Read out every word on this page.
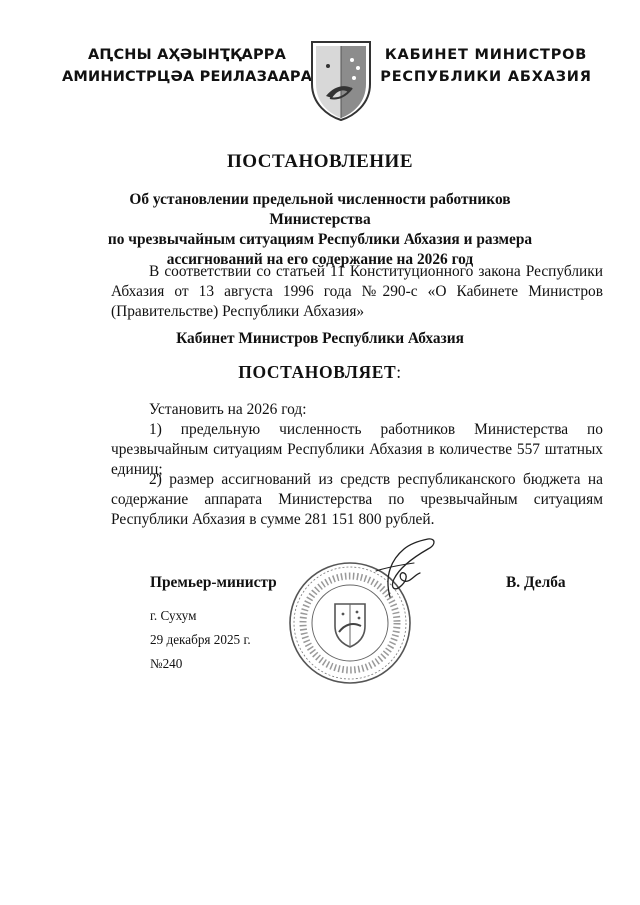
АԤСНЫ АҲӘЫНҬҚАРРА
АМИНИСТРЦӘА РЕИЛАЗААРА
КАБИНЕТ МИНИСТРОВ
РЕСПУБЛИКИ АБХАЗИЯ
ПОСТАНОВЛЕНИЕ
Об установлении предельной численности работников Министерства
по чрезвычайным ситуациям Республики Абхазия и размера
ассигнований на его содержание на 2026 год
В соответствии со статьей 11 Конституционного закона Республики Абхазия от 13 августа 1996 года №290-с «О Кабинете Министров (Правительстве) Республики Абхазия»
Кабинет Министров Республики Абхазия
ПОСТАНОВЛЯЕТ:
Установить на 2026 год:
1) предельную численность работников Министерства по чрезвычайным ситуациям Республики Абхазия в количестве 557 штатных единиц;
2) размер ассигнований из средств республиканского бюджета на содержание аппарата Министерства по чрезвычайным ситуациям Республики Абхазия в сумме 281 151 800 рублей.
Премьер-министр	В. Делба
г. Сухум
29 декабря 2025 г.
№240
